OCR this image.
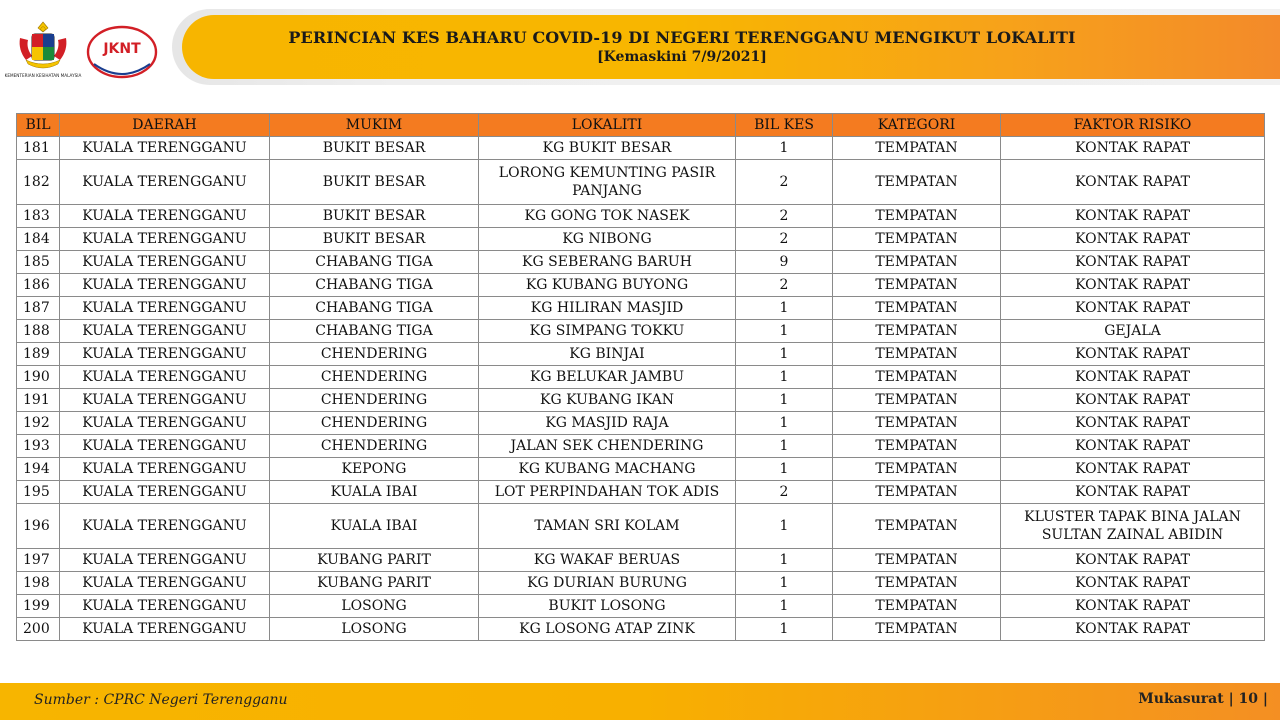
KEMENTERIAN KESIHATAN MALAYSIA
JKNT
PERINCIAN KES BAHARU COVID-19 DI NEGERI TERENGGANU MENGIKUT LOKALITI
[Kemaskini 7/9/2021]
BIL	DAERAH	MUKIM	LOKALITI	BIL KES	KATEGORI	FAKTOR RISIKO
181	KUALA TERENGGANU	BUKIT BESAR	KG BUKIT BESAR	1	TEMPATAN	KONTAK RAPAT
182	KUALA TERENGGANU	BUKIT BESAR	LORONG KEMUNTING PASIR PANJANG	2	TEMPATAN	KONTAK RAPAT
183	KUALA TERENGGANU	BUKIT BESAR	KG GONG TOK NASEK	2	TEMPATAN	KONTAK RAPAT
184	KUALA TERENGGANU	BUKIT BESAR	KG NIBONG	2	TEMPATAN	KONTAK RAPAT
185	KUALA TERENGGANU	CHABANG TIGA	KG SEBERANG BARUH	9	TEMPATAN	KONTAK RAPAT
186	KUALA TERENGGANU	CHABANG TIGA	KG KUBANG BUYONG	2	TEMPATAN	KONTAK RAPAT
187	KUALA TERENGGANU	CHABANG TIGA	KG HILIRAN MASJID	1	TEMPATAN	KONTAK RAPAT
188	KUALA TERENGGANU	CHABANG TIGA	KG SIMPANG TOKKU	1	TEMPATAN	GEJALA
189	KUALA TERENGGANU	CHENDERING	KG BINJAI	1	TEMPATAN	KONTAK RAPAT
190	KUALA TERENGGANU	CHENDERING	KG BELUKAR JAMBU	1	TEMPATAN	KONTAK RAPAT
191	KUALA TERENGGANU	CHENDERING	KG KUBANG IKAN	1	TEMPATAN	KONTAK RAPAT
192	KUALA TERENGGANU	CHENDERING	KG MASJID RAJA	1	TEMPATAN	KONTAK RAPAT
193	KUALA TERENGGANU	CHENDERING	JALAN SEK CHENDERING	1	TEMPATAN	KONTAK RAPAT
194	KUALA TERENGGANU	KEPONG	KG KUBANG MACHANG	1	TEMPATAN	KONTAK RAPAT
195	KUALA TERENGGANU	KUALA IBAI	LOT PERPINDAHAN TOK ADIS	2	TEMPATAN	KONTAK RAPAT
196	KUALA TERENGGANU	KUALA IBAI	TAMAN SRI KOLAM	1	TEMPATAN	KLUSTER TAPAK BINA JALAN SULTAN ZAINAL ABIDIN
197	KUALA TERENGGANU	KUBANG PARIT	KG WAKAF BERUAS	1	TEMPATAN	KONTAK RAPAT
198	KUALA TERENGGANU	KUBANG PARIT	KG DURIAN BURUNG	1	TEMPATAN	KONTAK RAPAT
199	KUALA TERENGGANU	LOSONG	BUKIT LOSONG	1	TEMPATAN	KONTAK RAPAT
200	KUALA TERENGGANU	LOSONG	KG LOSONG ATAP ZINK	1	TEMPATAN	KONTAK RAPAT
Sumber : CPRC Negeri Terengganu	Mukasurat | 10 |
